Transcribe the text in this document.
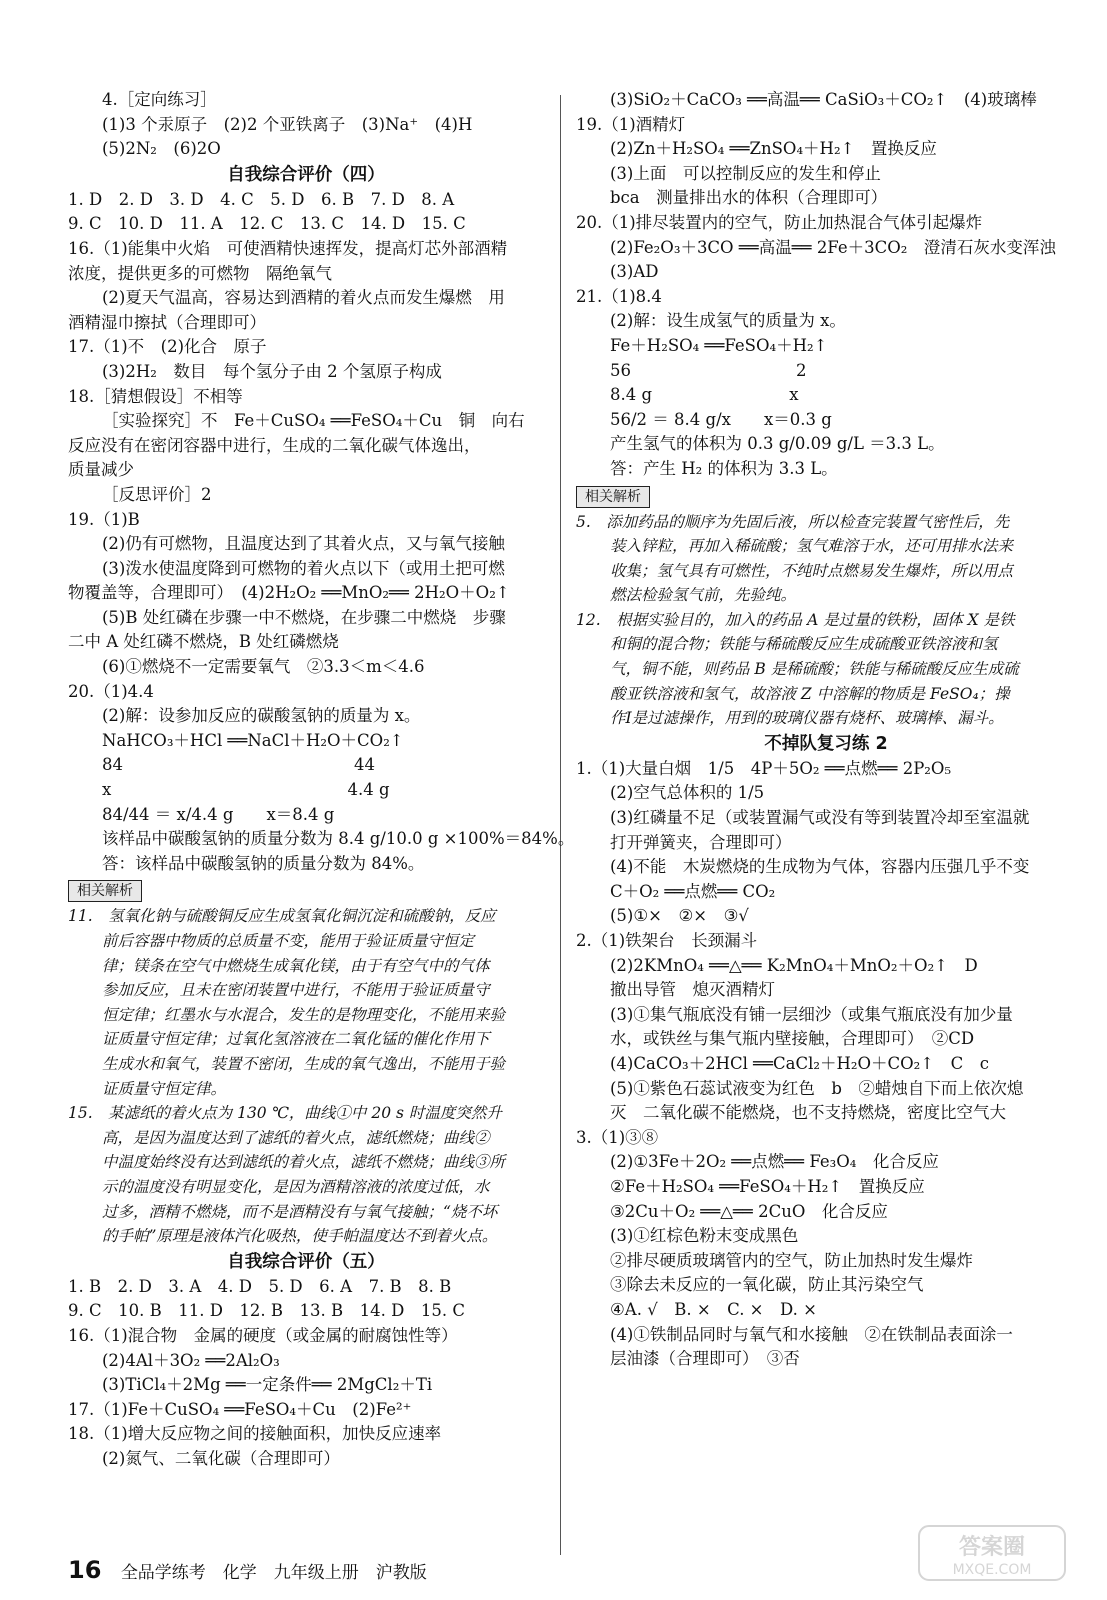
4.［定向练习］
(1)3 个汞原子　(2)2 个亚铁离子　(3)Na⁺　(4)H
(5)2N₂　(6)2O
自我综合评价（四）
1. D　2. D　3. D　4. C　5. D　6. B　7. D　8. A
9. C　10. D　11. A　12. C　13. C　14. D　15. C
16.（1)能集中火焰　可使酒精快速挥发，提高灯芯外部酒精
浓度，提供更多的可燃物　隔绝氧气
(2)夏天气温高，容易达到酒精的着火点而发生爆燃　用
酒精湿巾擦拭（合理即可）
17.（1)不　(2)化合　原子
(3)2H₂　数目　每个氢分子由 2 个氢原子构成
18.［猜想假设］不相等
［实验探究］不　Fe＋CuSO₄ ══FeSO₄＋Cu　铜　向右
反应没有在密闭容器中进行，生成的二氧化碳气体逸出，
质量减少
［反思评价］2
19.（1)B
(2)仍有可燃物，且温度达到了其着火点，又与氧气接触
(3)泼水使温度降到可燃物的着火点以下（或用土把可燃
物覆盖等，合理即可）　(4)2H₂O₂ ══MnO₂══ 2H₂O＋O₂↑
(5)B 处红磷在步骤一中不燃烧，在步骤二中燃烧　步骤
二中 A 处红磷不燃烧，B 处红磷燃烧
(6)①燃烧不一定需要氧气　②3.3＜m＜4.6
20.（1)4.4
(2)解：设参加反应的碳酸氢钠的质量为 x。
NaHCO₃＋HCl ══NaCl＋H₂O＋CO₂↑
84　　　　　　　　　　　　　　44
x　　　　　　　　　　　　　　 4.4 g
84/44 ＝ x/4.4 g　　x＝8.4 g
该样品中碳酸氢钠的质量分数为 8.4 g/10.0 g ×100%＝84%。
答：该样品中碳酸氢钠的质量分数为 84%。
相关解析
11.　氢氧化钠与硫酸铜反应生成氢氧化铜沉淀和硫酸钠，反应
前后容器中物质的总质量不变，能用于验证质量守恒定
律；镁条在空气中燃烧生成氧化镁，由于有空气中的气体
参加反应，且未在密闭装置中进行，不能用于验证质量守
恒定律；红墨水与水混合，发生的是物理变化，不能用来验
证质量守恒定律；过氧化氢溶液在二氧化锰的催化作用下
生成水和氧气，装置不密闭，生成的氧气逸出，不能用于验
证质量守恒定律。
15.　某滤纸的着火点为 130 ℃，曲线①中 20 s 时温度突然升
高，是因为温度达到了滤纸的着火点，滤纸燃烧；曲线②
中温度始终没有达到滤纸的着火点，滤纸不燃烧；曲线③所
示的温度没有明显变化，是因为酒精溶液的浓度过低，水
过多，酒精不燃烧，而不是酒精没有与氧气接触；“烧不坏
的手帕”原理是液体汽化吸热，使手帕温度达不到着火点。
自我综合评价（五）
1. B　2. D　3. A　4. D　5. D　6. A　7. B　8. B
9. C　10. B　11. D　12. B　13. B　14. D　15. C
16.（1)混合物　金属的硬度（或金属的耐腐蚀性等）
(2)4Al＋3O₂ ══2Al₂O₃
(3)TiCl₄＋2Mg ══一定条件══ 2MgCl₂＋Ti
17.（1)Fe＋CuSO₄ ══FeSO₄＋Cu　(2)Fe²⁺
18.（1)增大反应物之间的接触面积，加快反应速率
(2)氮气、二氧化碳（合理即可）
(3)SiO₂＋CaCO₃ ══高温══ CaSiO₃＋CO₂↑　(4)玻璃棒
19.（1)酒精灯
(2)Zn＋H₂SO₄ ══ZnSO₄＋H₂↑　置换反应
(3)上面　可以控制反应的发生和停止
bca　测量排出水的体积（合理即可）
20.（1)排尽装置内的空气，防止加热混合气体引起爆炸
(2)Fe₂O₃＋3CO ══高温══ 2Fe＋3CO₂　澄清石灰水变浑浊
(3)AD
21.（1)8.4
(2)解：设生成氢气的质量为 x。
Fe＋H₂SO₄ ══FeSO₄＋H₂↑
56　　　　　　　　　　2
8.4 g　　　　　　　　 x
56/2 ＝ 8.4 g/x　　x＝0.3 g
产生氢气的体积为 0.3 g/0.09 g/L ＝3.3 L。
答：产生 H₂ 的体积为 3.3 L。
相关解析
5.　添加药品的顺序为先固后液，所以检查完装置气密性后，先
装入锌粒，再加入稀硫酸；氢气难溶于水，还可用排水法来
收集；氢气具有可燃性，不纯时点燃易发生爆炸，所以用点
燃法检验氢气前，先验纯。
12.　根据实验目的，加入的药品 A 是过量的铁粉，固体 X 是铁
和铜的混合物；铁能与稀硫酸反应生成硫酸亚铁溶液和氢
气，铜不能，则药品 B 是稀硫酸；铁能与稀硫酸反应生成硫
酸亚铁溶液和氢气，故溶液 Z 中溶解的物质是 FeSO₄；操
作Ⅰ是过滤操作，用到的玻璃仪器有烧杯、玻璃棒、漏斗。
不掉队复习练 2
1.（1)大量白烟　1/5　4P＋5O₂ ══点燃══ 2P₂O₅
(2)空气总体积的 1/5
(3)红磷量不足（或装置漏气或没有等到装置冷却至室温就
打开弹簧夹，合理即可）
(4)不能　木炭燃烧的生成物为气体，容器内压强几乎不变
C＋O₂ ══点燃══ CO₂
(5)①×　②×　③√
2.（1)铁架台　长颈漏斗
(2)2KMnO₄ ══△══ K₂MnO₄＋MnO₂＋O₂↑　D
撤出导管　熄灭酒精灯
(3)①集气瓶底没有铺一层细沙（或集气瓶底没有加少量
水，或铁丝与集气瓶内壁接触，合理即可）　②CD
(4)CaCO₃＋2HCl ══CaCl₂＋H₂O＋CO₂↑　C　c
(5)①紫色石蕊试液变为红色　b　②蜡烛自下而上依次熄
灭　二氧化碳不能燃烧，也不支持燃烧，密度比空气大
3.（1)③⑧
(2)①3Fe＋2O₂ ══点燃══ Fe₃O₄　化合反应
②Fe＋H₂SO₄ ══FeSO₄＋H₂↑　置换反应
③2Cu＋O₂ ══△══ 2CuO　化合反应
(3)①红棕色粉末变成黑色
②排尽硬质玻璃管内的空气，防止加热时发生爆炸
③除去未反应的一氧化碳，防止其污染空气
④A. √　B. ×　C. ×　D. ×
(4)①铁制品同时与氧气和水接触　②在铁制品表面涂一
层油漆（合理即可）　③否
16 全品学练考　化学　九年级上册　沪教版
答案圈
MXQE.COM
